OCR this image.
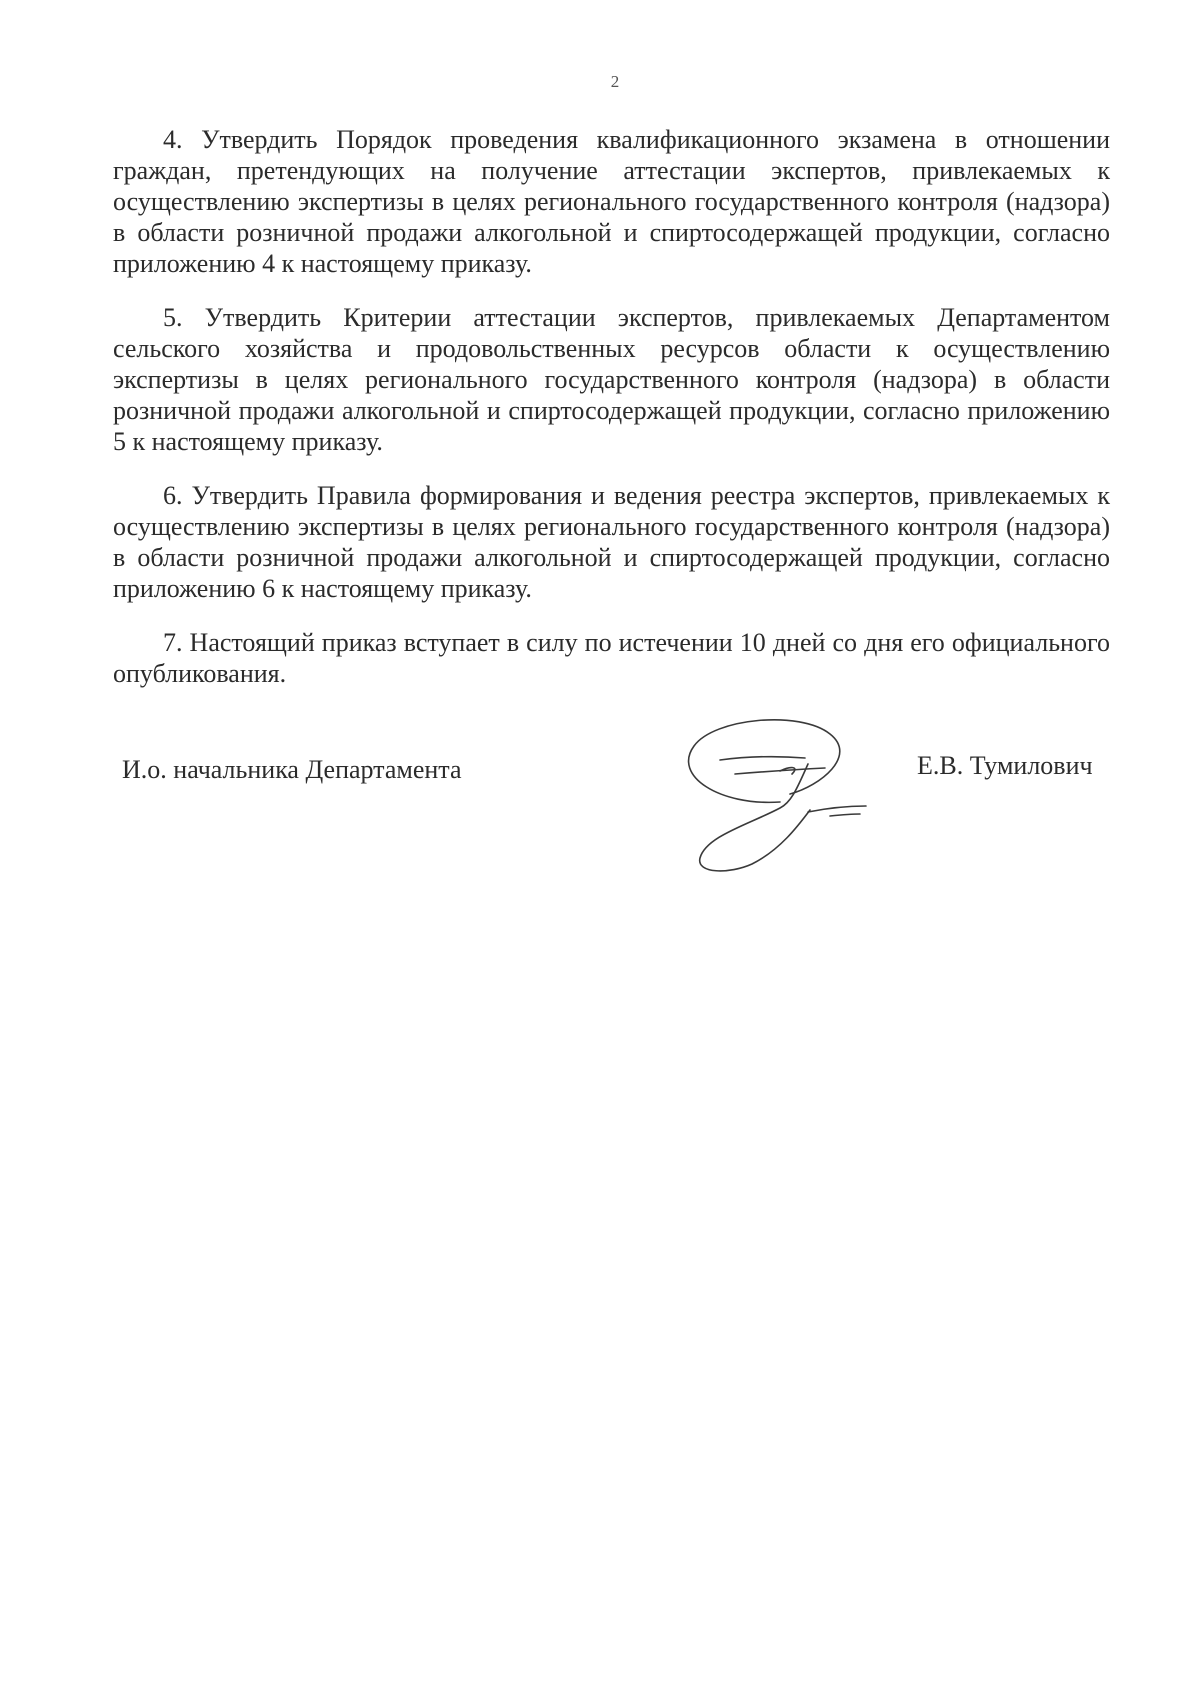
2

4. Утвердить Порядок проведения квалификационного экзамена в отношении граждан, претендующих на получение аттестации экспертов, привлекаемых к осуществлению экспертизы в целях регионального государственного контроля (надзора) в области розничной продажи алкогольной и спиртосодержащей продукции, согласно приложению 4 к настоящему приказу.

5. Утвердить Критерии аттестации экспертов, привлекаемых Департаментом сельского хозяйства и продовольственных ресурсов области к осуществлению экспертизы в целях регионального государственного контроля (надзора) в области розничной продажи алкогольной и спиртосодержащей продукции, согласно приложению 5 к настоящему приказу.

6. Утвердить Правила формирования и ведения реестра экспертов, привлекаемых к осуществлению экспертизы в целях регионального государственного контроля (надзора) в области розничной продажи алкогольной и спиртосодержащей продукции, согласно приложению 6 к настоящему приказу.

7. Настоящий приказ вступает в силу по истечении 10 дней со дня его официального опубликования.

И.о. начальника Департамента	Е.В. Тумилович
